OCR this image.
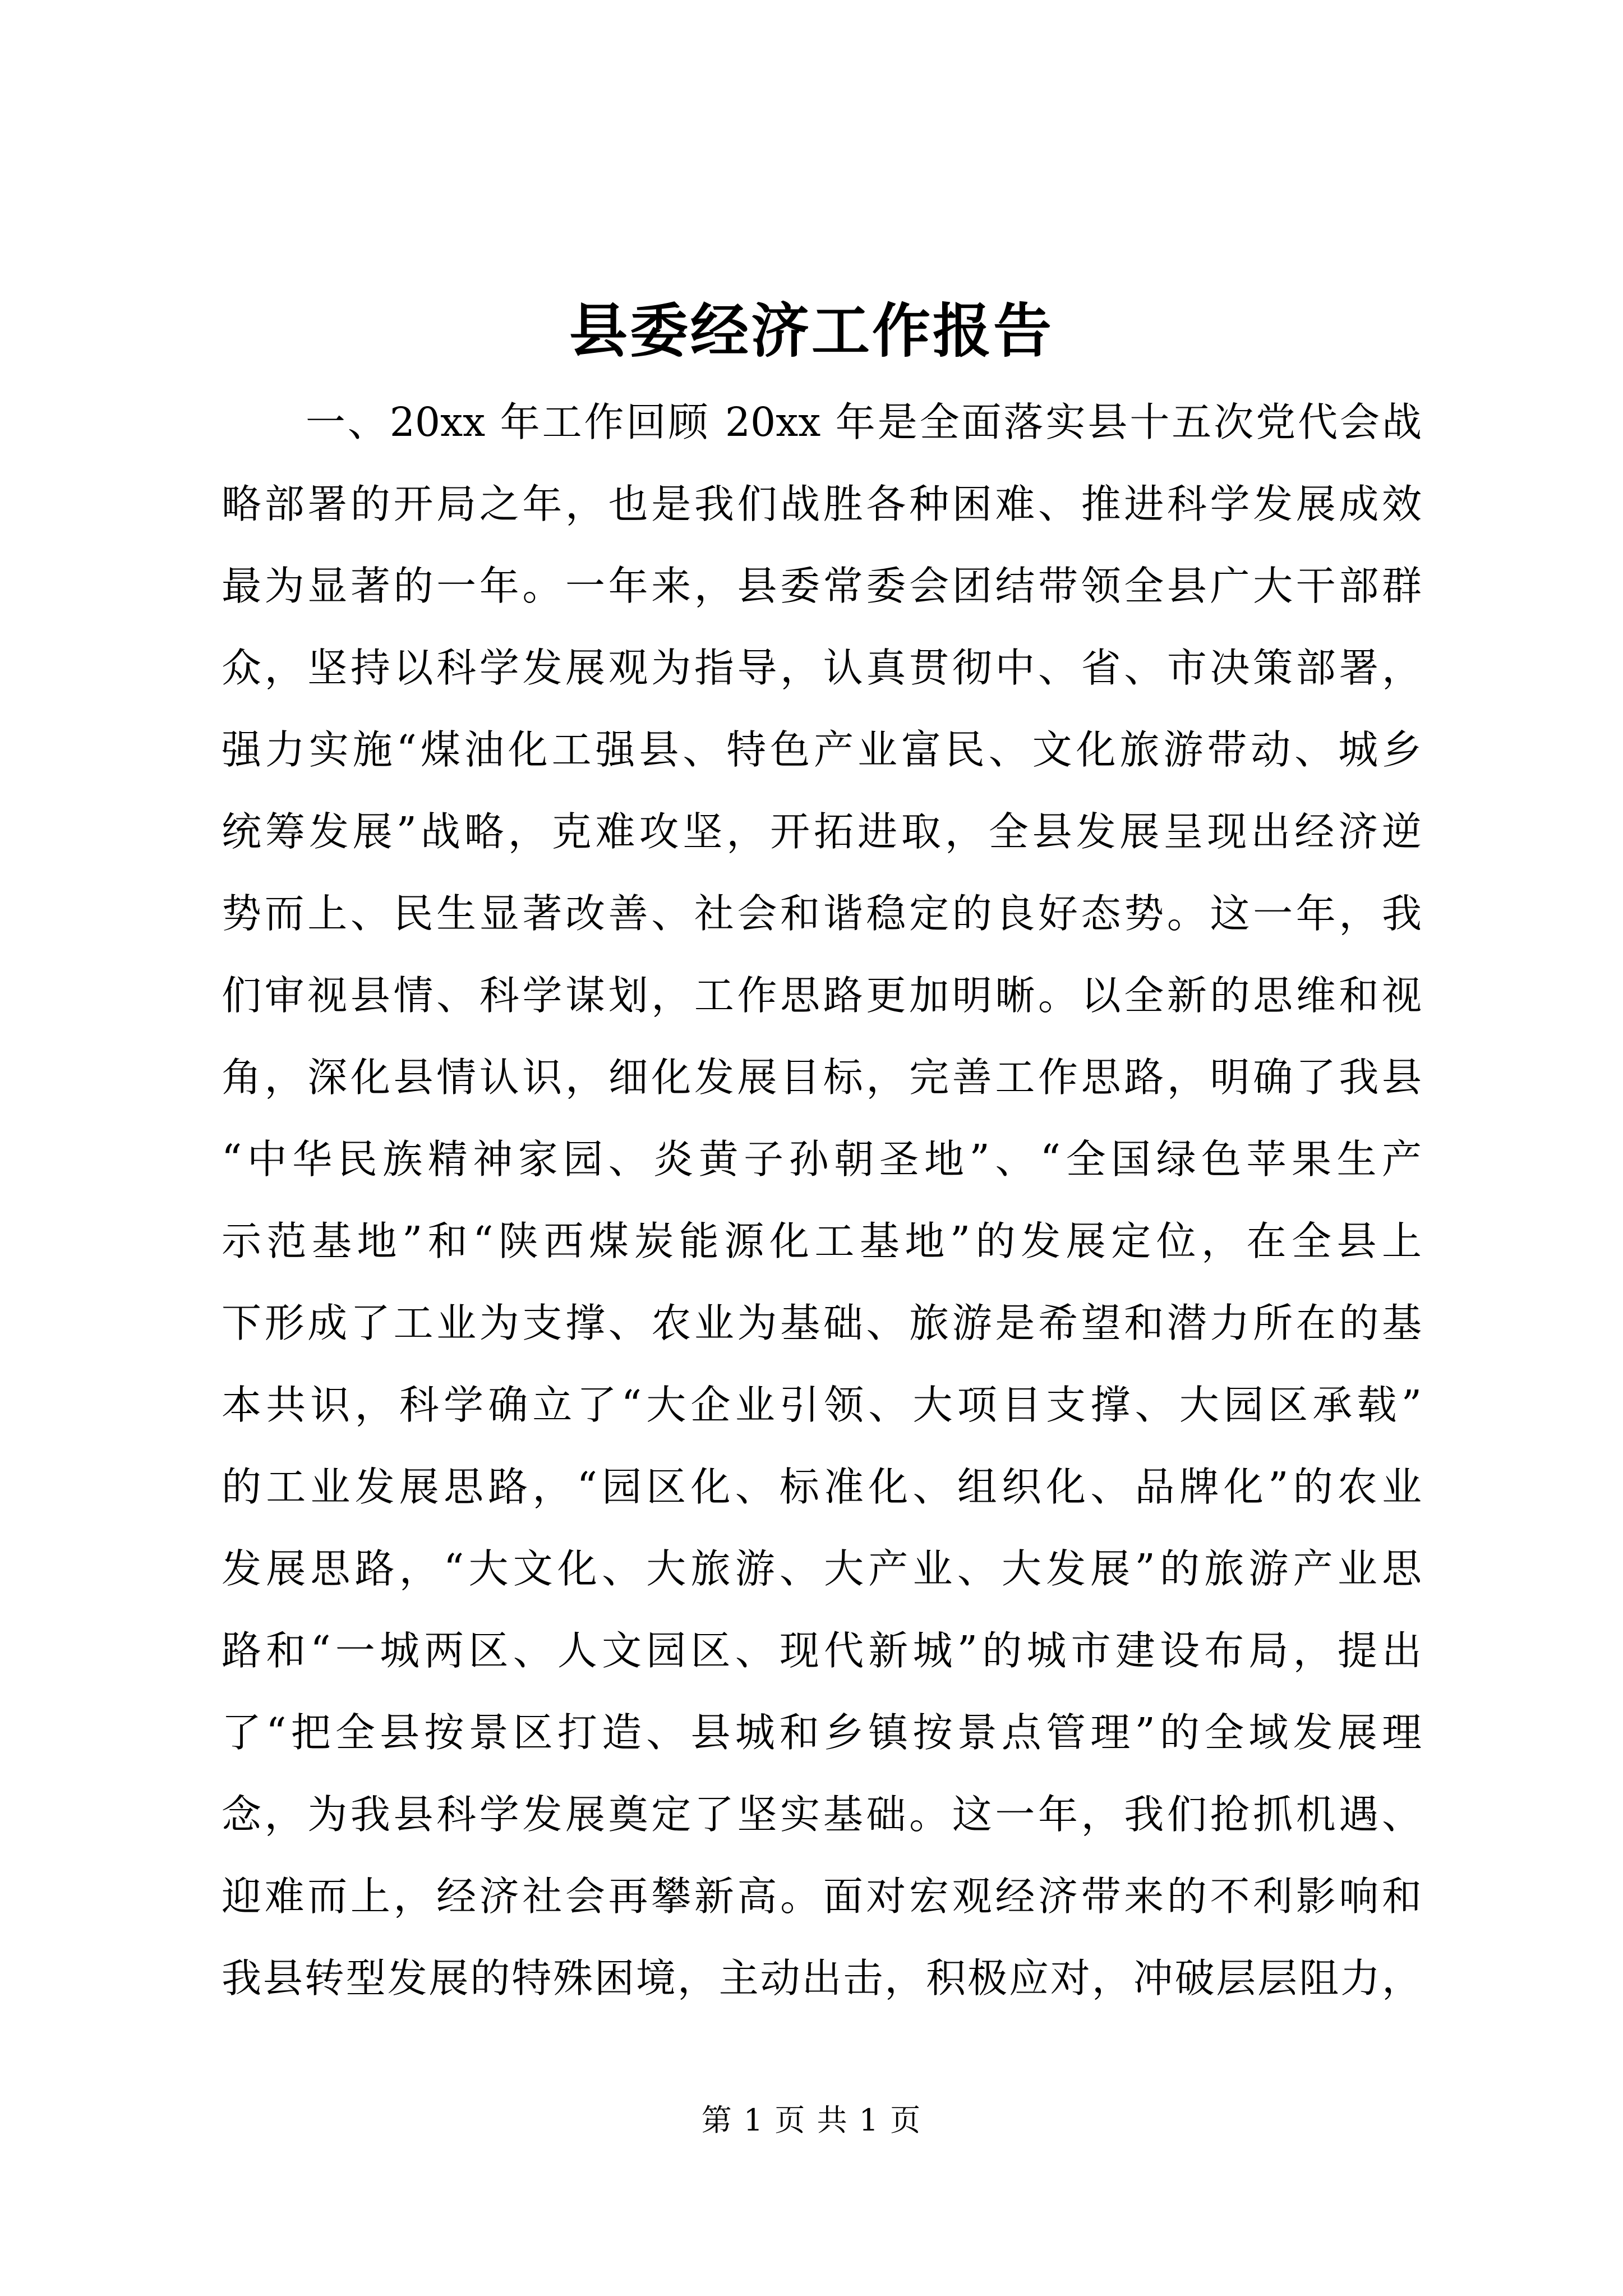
县委经济工作报告
　　一、20xx 年工作回顾 20xx 年是全面落实县十五次党代会战
略部署的开局之年，也是我们战胜各种困难、推进科学发展成效
最为显著的一年。一年来，县委常委会团结带领全县广大干部群
众，坚持以科学发展观为指导，认真贯彻中、省、市决策部署，
强力实施“煤油化工强县、特色产业富民、文化旅游带动、城乡
统筹发展”战略，克难攻坚，开拓进取，全县发展呈现出经济逆
势而上、民生显著改善、社会和谐稳定的良好态势。这一年，我
们审视县情、科学谋划，工作思路更加明晰。以全新的思维和视
角，深化县情认识，细化发展目标，完善工作思路，明确了我县
“中华民族精神家园、炎黄子孙朝圣地”、“全国绿色苹果生产
示范基地”和“陕西煤炭能源化工基地”的发展定位，在全县上
下形成了工业为支撑、农业为基础、旅游是希望和潜力所在的基
本共识，科学确立了“大企业引领、大项目支撑、大园区承载”
的工业发展思路，“园区化、标准化、组织化、品牌化”的农业
发展思路，“大文化、大旅游、大产业、大发展”的旅游产业思
路和“一城两区、人文园区、现代新城”的城市建设布局，提出
了“把全县按景区打造、县城和乡镇按景点管理”的全域发展理
念，为我县科学发展奠定了坚实基础。这一年，我们抢抓机遇、
迎难而上，经济社会再攀新高。面对宏观经济带来的不利影响和
我县转型发展的特殊困境，主动出击，积极应对，冲破层层阻力，
第 1 页 共 1 页
